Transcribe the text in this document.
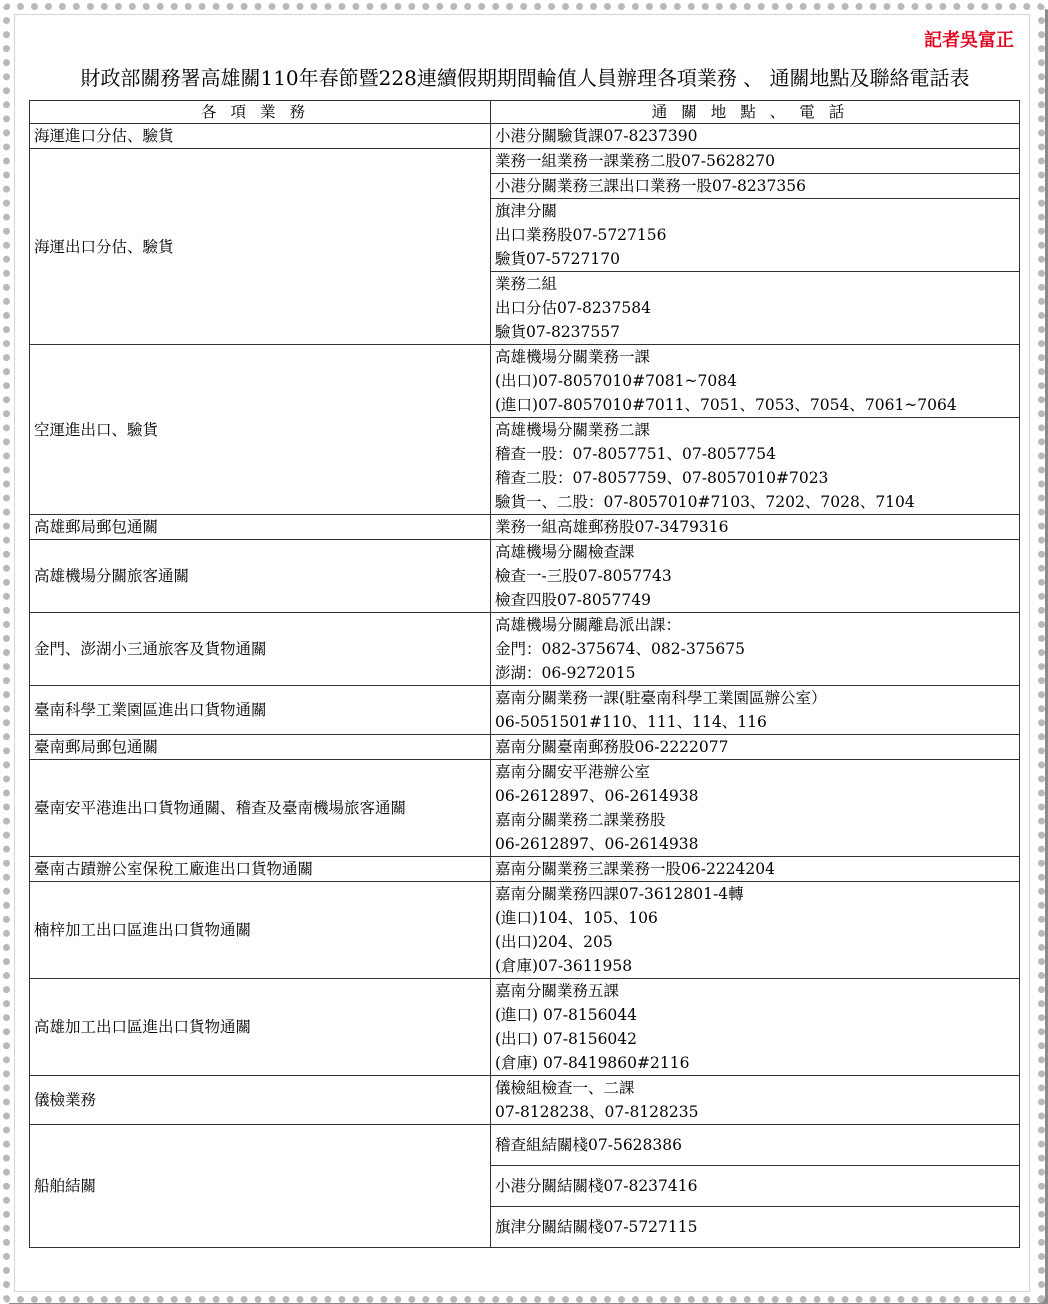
記者吳富正
財政部關務署高雄關110年春節暨228連續假期期間輪值人員辦理各項業務 、 通關地點及聯絡電話表
各項業務	通關地點、電話
海運進口分估、驗貨	小港分關驗貨課07-8237390

海運出口分估、驗貨	業務一組業務一課業務二股07-5628270

	小港分關業務三課出口業務一股07-8237356

	旗津分關
出口業務股07-5727156
驗貨07-5727170

	業務二組
出口分估07-8237584
驗貨07-8237557

空運進出口、驗貨	高雄機場分關業務一課
(出口)07-8057010#7081~7084
(進口)07-8057010#7011、7051、7053、7054、7061~7064

	高雄機場分關業務二課
稽查一股：07-8057751、07-8057754
稽查二股：07-8057759、07-8057010#7023
驗貨一、二股：07-8057010#7103、7202、7028、7104

高雄郵局郵包通關	業務一組高雄郵務股07-3479316

高雄機場分關旅客通關	高雄機場分關檢查課
檢查一-三股07-8057743
檢查四股07-8057749

金門、澎湖小三通旅客及貨物通關	高雄機場分關離島派出課：
金門：082-375674、082-375675
澎湖：06-9272015

臺南科學工業園區進出口貨物通關	嘉南分關業務一課(駐臺南科學工業園區辦公室）
06-5051501#110、111、114、116

臺南郵局郵包通關	嘉南分關臺南郵務股06-2222077

臺南安平港進出口貨物通關、稽查及臺南機場旅客通關	嘉南分關安平港辦公室
06-2612897、06-2614938
嘉南分關業務二課業務股
06-2612897、06-2614938

臺南古蹟辦公室保稅工廠進出口貨物通關	嘉南分關業務三課業務一股06-2224204

楠梓加工出口區進出口貨物通關	嘉南分關業務四課07-3612801-4轉
(進口)104、105、106
(出口)204、205
(倉庫)07-3611958

高雄加工出口區進出口貨物通關	嘉南分關業務五課
(進口) 07-8156044
(出口) 07-8156042
(倉庫) 07-8419860#2116

儀檢業務	儀檢組檢查一、二課
07-8128238、07-8128235

船舶結關	稽查組結關棧07-5628386

	小港分關結關棧07-8237416

	旗津分關結關棧07-5727115
